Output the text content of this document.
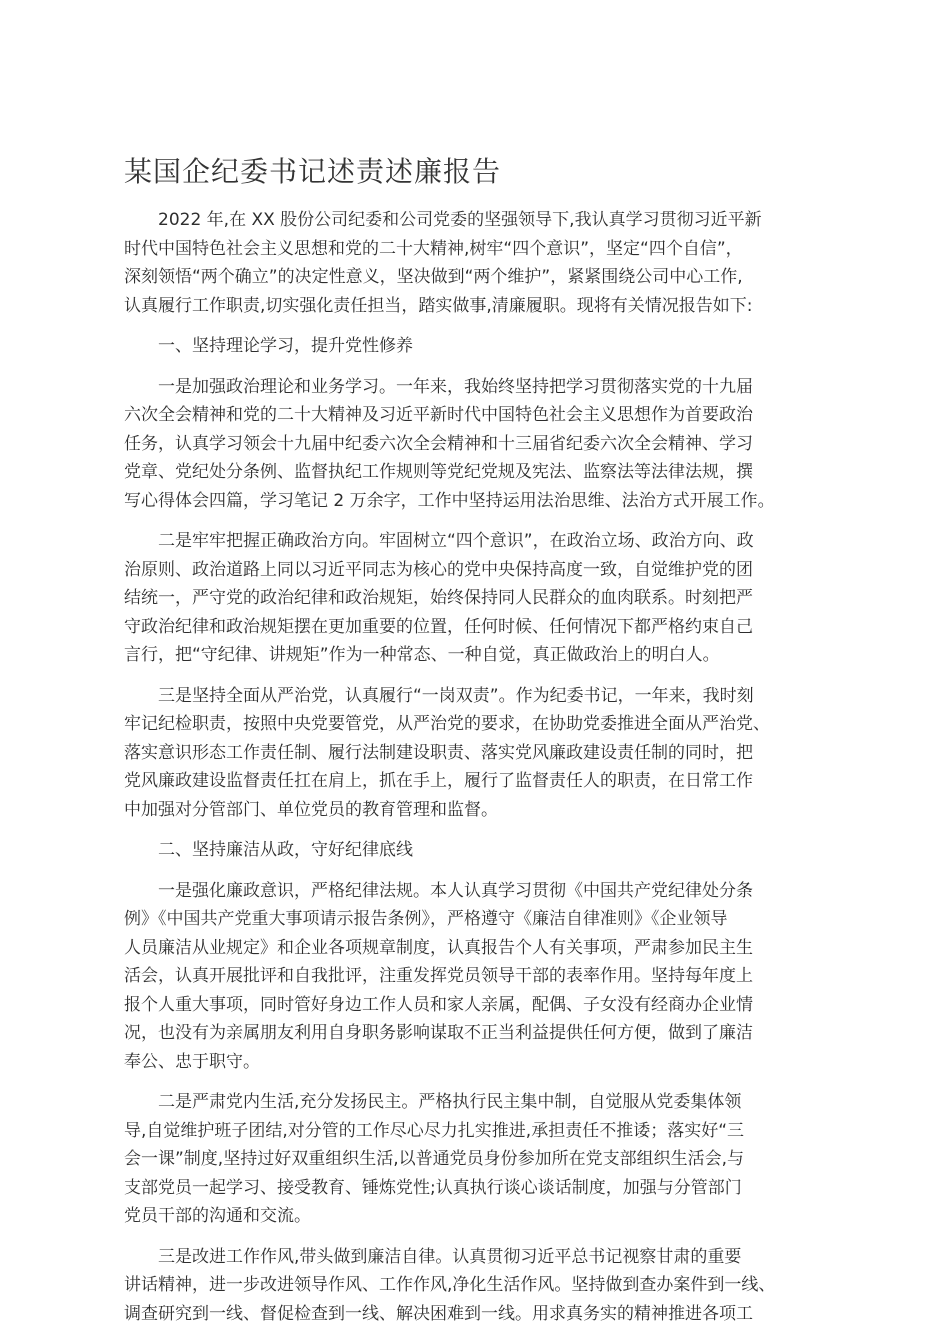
某国企纪委书记述责述廉报告

2022 年,在 XX 股份公司纪委和公司党委的坚强领导下,我认真学习贯彻习近平新
时代中国特色社会主义思想和党的二十大精神,树牢“四个意识”，坚定“四个自信”，
深刻领悟“两个确立”的决定性意义，坚决做到“两个维护”，紧紧围绕公司中心工作,
认真履行工作职责,切实强化责任担当，踏实做事,清廉履职。现将有关情况报告如下:

一、坚持理论学习，提升党性修养

一是加强政治理论和业务学习。一年来，我始终坚持把学习贯彻落实党的十九届
六次全会精神和党的二十大精神及习近平新时代中国特色社会主义思想作为首要政治
任务，认真学习领会十九届中纪委六次全会精神和十三届省纪委六次全会精神、学习
党章、党纪处分条例、监督执纪工作规则等党纪党规及宪法、监察法等法律法规，撰
写心得体会四篇，学习笔记 2 万余字，工作中坚持运用法治思维、法治方式开展工作。

二是牢牢把握正确政治方向。牢固树立“四个意识”，在政治立场、政治方向、政
治原则、政治道路上同以习近平同志为核心的党中央保持高度一致，自觉维护党的团
结统一，严守党的政治纪律和政治规矩，始终保持同人民群众的血肉联系。时刻把严
守政治纪律和政治规矩摆在更加重要的位置，任何时候、任何情况下都严格约束自己
言行，把“守纪律、讲规矩”作为一种常态、一种自觉，真正做政治上的明白人。

三是坚持全面从严治党，认真履行“一岗双责”。作为纪委书记，一年来，我时刻
牢记纪检职责，按照中央党要管党，从严治党的要求，在协助党委推进全面从严治党、
落实意识形态工作责任制、履行法制建设职责、落实党风廉政建设责任制的同时，把
党风廉政建设监督责任扛在肩上，抓在手上，履行了监督责任人的职责，在日常工作
中加强对分管部门、单位党员的教育管理和监督。

二、坚持廉洁从政，守好纪律底线

一是强化廉政意识，严格纪律法规。本人认真学习贯彻《中国共产党纪律处分条
例》《中国共产党重大事项请示报告条例》，严格遵守《廉洁自律准则》《企业领导
人员廉洁从业规定》和企业各项规章制度，认真报告个人有关事项，严肃参加民主生
活会，认真开展批评和自我批评，注重发挥党员领导干部的表率作用。坚持每年度上
报个人重大事项，同时管好身边工作人员和家人亲属，配偶、子女没有经商办企业情
况，也没有为亲属朋友利用自身职务影响谋取不正当利益提供任何方便，做到了廉洁
奉公、忠于职守。

二是严肃党内生活,充分发扬民主。严格执行民主集中制，自觉服从党委集体领
导,自觉维护班子团结,对分管的工作尽心尽力扎实推进,承担责任不推诿；落实好“三
会一课”制度,坚持过好双重组织生活,以普通党员身份参加所在党支部组织生活会,与
支部党员一起学习、接受教育、锤炼党性;认真执行谈心谈话制度，加强与分管部门
党员干部的沟通和交流。

三是改进工作作风,带头做到廉洁自律。认真贯彻习近平总书记视察甘肃的重要
讲话精神，进一步改进领导作风、工作作风,净化生活作风。坚持做到查办案件到一线、
调查研究到一线、督促检查到一线、解决困难到一线。用求真务实的精神推进各项工
